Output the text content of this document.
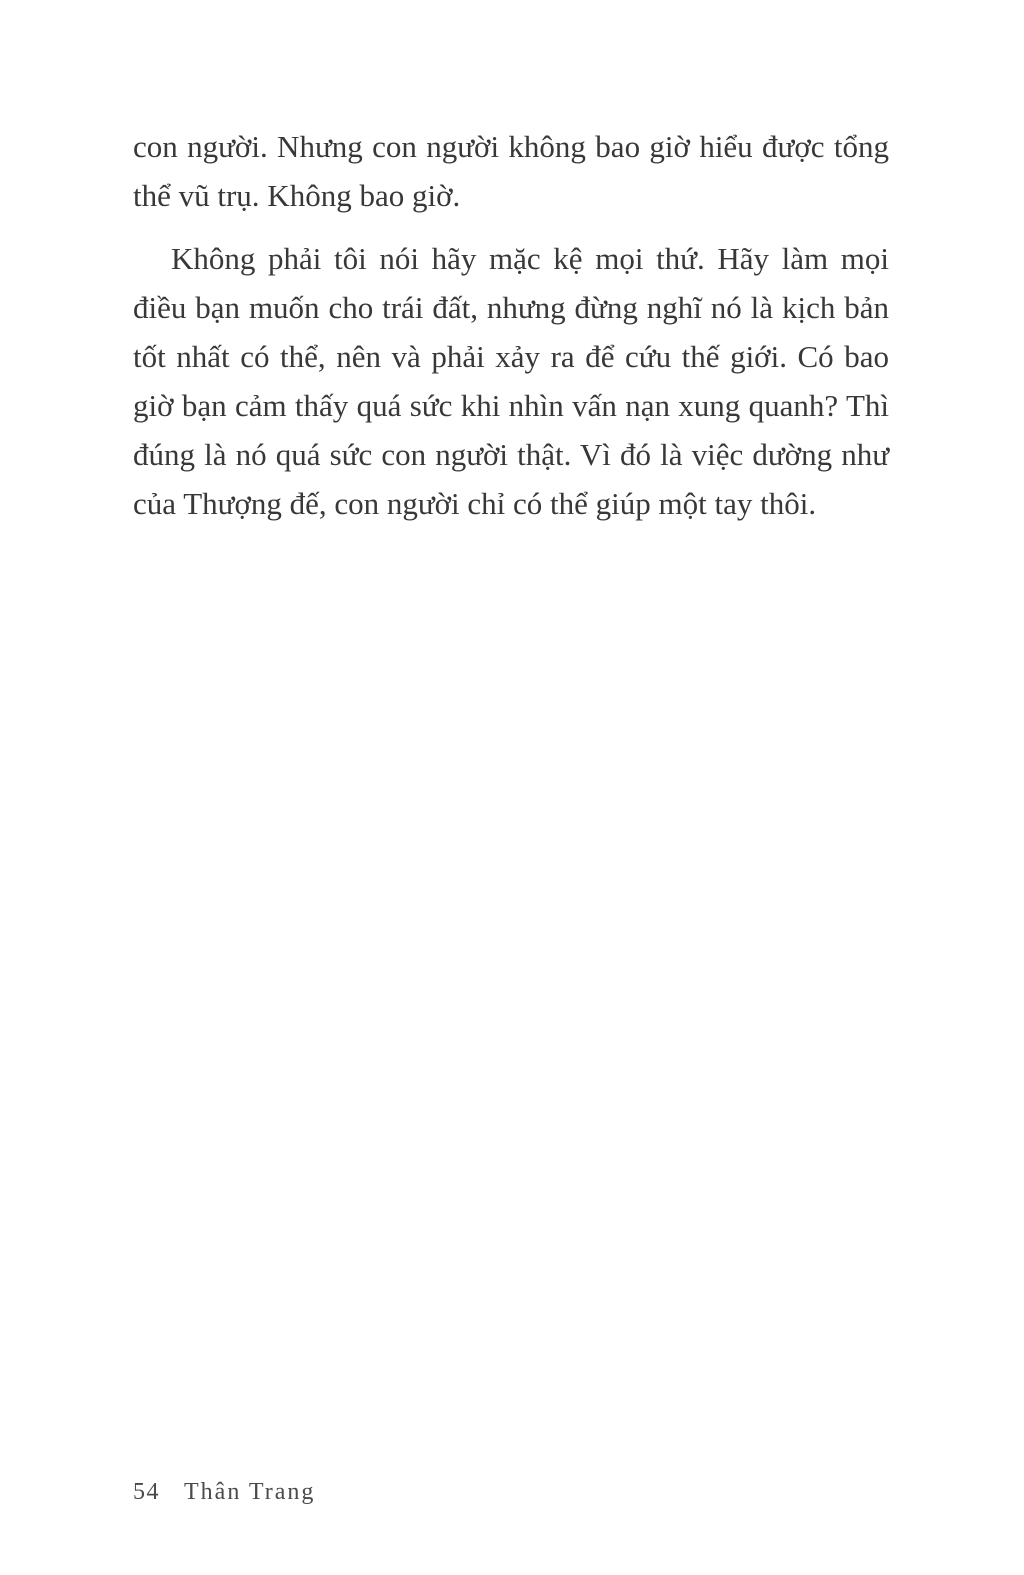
con người. Nhưng con người không bao giờ hiểu được tổng thể vũ trụ. Không bao giờ.

Không phải tôi nói hãy mặc kệ mọi thứ. Hãy làm mọi điều bạn muốn cho trái đất, nhưng đừng nghĩ nó là kịch bản tốt nhất có thể, nên và phải xảy ra để cứu thế giới. Có bao giờ bạn cảm thấy quá sức khi nhìn vấn nạn xung quanh? Thì đúng là nó quá sức con người thật. Vì đó là việc dường như của Thượng đế, con người chỉ có thể giúp một tay thôi.

54 Thân Trang
